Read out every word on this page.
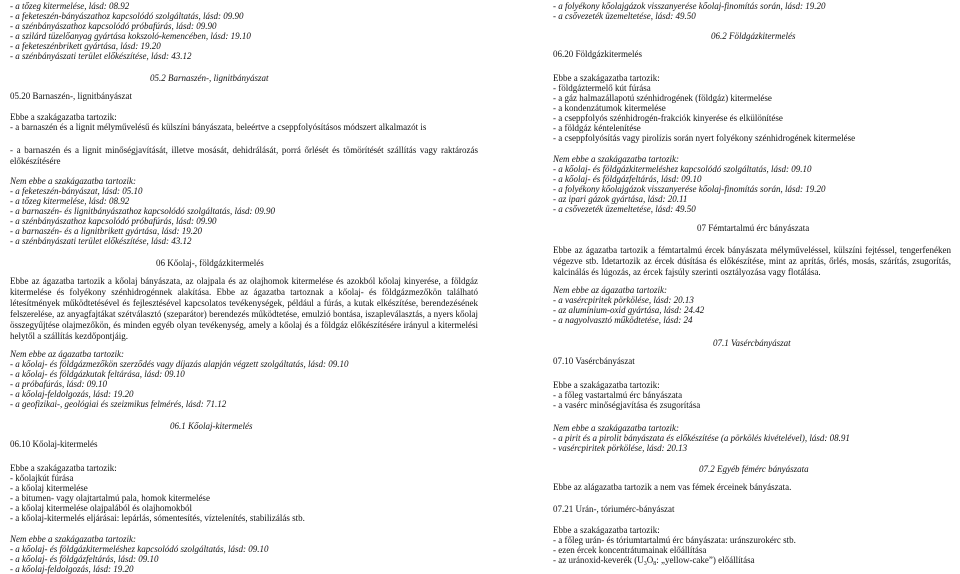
- a tőzeg kitermelése, lásd: 08.92
- a feketeszén-bányászathoz kapcsolódó szolgáltatás, lásd: 09.90
- a szénbányászathoz kapcsolódó próbafúrás, lásd: 09.90
- a szilárd tüzelőanyag gyártása kokszoló-kemencében, lásd: 19.10
- a feketeszénbrikett gyártása, lásd: 19.20
- a szénbányászati terület előkészítése, lásd: 43.12
05.2 Barnaszén-, lignitbányászat
05.20 Barnaszén-, lignitbányászat
Ebbe a szakágazatba tartozik:
- a barnaszén és a lignit mélyművelésű és külszíni bányászata, beleértve a cseppfolyósításos módszert alkalmazót is
- a barnaszén és a lignit minőségjavítását, illetve mosását, dehidrálását, porrá őrlését és tömörítését szállítás vagy raktározás előkészítésére
Nem ebbe a szakágazatba tartozik:
- a feketeszén-bányászat, lásd: 05.10
- a tőzeg kitermelése, lásd: 08.92
- a barnaszén- és lignitbányászathoz kapcsolódó szolgáltatás, lásd: 09.90
- a szénbányászathoz kapcsolódó próbafúrás, lásd: 09.90
- a barnaszén- és a lignitbrikett gyártása, lásd: 19.20
- a szénbányászati terület előkészítése, lásd: 43.12
06 Kőolaj-, földgázkitermelés
Ebbe az ágazatba tartozik a kőolaj bányászata, az olajpala és az olajhomok kitermelése és azokból kőolaj kinyerése, a földgáz kitermelése és folyékony szénhidrogénnek alakítása. Ebbe az ágazatba tartoznak a kőolaj- és földgázmezőkön található létesítmények működtetésével és fejlesztésével kapcsolatos tevékenységek, például a fúrás, a kutak elkészítése, berendezésének felszerelése, az anyagfajtákat szétválasztó (szeparátor) berendezés működtetése, emulzió bontása, iszapleválasztás, a nyers kőolaj összegyűjtése olajmezőkön, és minden egyéb olyan tevékenység, amely a kőolaj és a földgáz előkészítésére irányul a kitermelési helytől a szállítás kezdőpontjáig.
Nem ebbe az ágazatba tartozik:
- a kőolaj- és földgázmezőkön szerződés vagy díjazás alapján végzett szolgáltatás, lásd: 09.10
- a kőolaj- és földgázkutak feltárása, lásd: 09.10
- a próbafúrás, lásd: 09.10
- a kőolaj-feldolgozás, lásd: 19.20
- a geofizikai-, geológiai és szeizmikus felmérés, lásd: 71.12
06.1 Kőolaj-kitermelés
06.10 Kőolaj-kitermelés
Ebbe a szakágazatba tartozik:
- kőolajkút fúrása
- a kőolaj kitermelése
- a bitumen- vagy olajtartalmú pala, homok kitermelése
- a kőolaj kitermelése olajpalából és olajhomokból
- a kőolaj-kitermelés eljárásai: lepárlás, sómentesítés, víztelenítés, stabilizálás stb.
Nem ebbe a szakágazatba tartozik:
- a kőolaj- és földgázkitermeléshez kapcsolódó szolgáltatás, lásd: 09.10
- a kőolaj- és földgázfeltárás, lásd: 09.10
- a kőolaj-feldolgozás, lásd: 19.20
- a folyékony kőolajgázok visszanyerése kőolaj-finomítás során, lásd: 19.20
- a csővezeték üzemeltetése, lásd: 49.50
06.2 Földgázkitermelés
06.20 Földgázkitermelés
Ebbe a szakágazatba tartozik:
- földgáztermelő kút fúrása
- a gáz halmazállapotú szénhidrogének (földgáz) kitermelése
- a kondenzátumok kitermelése
- a cseppfolyós szénhidrogén-frakciók kinyerése és elkülönítése
- a földgáz kéntelenítése
- a cseppfolyósítás vagy pirolízis során nyert folyékony szénhidrogének kitermelése
Nem ebbe a szakágazatba tartozik:
- a kőolaj- és földgázkitermeléshez kapcsolódó szolgáltatás, lásd: 09.10
- a kőolaj- és földgázfeltárás, lásd: 09.10
- a folyékony kőolajgázok visszanyerése kőolaj-finomítás során, lásd: 19.20
- az ipari gázok gyártása, lásd: 20.11
- a csővezeték üzemeltetése, lásd: 49.50
07 Fémtartalmú érc bányászata
Ebbe az ágazatba tartozik a fémtartalmú ércek bányászata mélyműveléssel, külszíni fejtéssel, tengerfenéken végezve stb. Idetartozik az ércek dúsítása és előkészítése, mint az aprítás, őrlés, mosás, szárítás, zsugorítás, kalcinálás és lúgozás, az ércek fajsúly szerinti osztályozása vagy flotálása.
Nem ebbe az ágazatba tartozik:
- a vasércpiritek pörkölése, lásd: 20.13
- az alumínium-oxid gyártása, lásd: 24.42
- a nagyolvasztó működtetése, lásd: 24
07.1 Vasércbányászat
07.10 Vasércbányászat
Ebbe a szakágazatba tartozik:
- a főleg vastartalmú érc bányászata
- a vasérc minőségjavítása és zsugorítása
Nem ebbe a szakágazatba tartozik:
- a pirit és a pirolit bányászata és előkészítése (a pörkölés kivételével), lásd: 08.91
- vasércpiritek pörkölése, lásd: 20.13
07.2 Egyéb fémérc bányászata
Ebbe az alágazatba tartozik a nem vas fémek érceinek bányászata.
07.21 Urán-, tóriumérc-bányászat
Ebbe a szakágazatba tartozik:
- a főleg urán- és tóriumtartalmú érc bányászata: uránszurokérc stb.
- ezen ércek koncentrátumainak előállítása
- az uránoxid-keverék ($U_3O_8$: „yellow-cake”) előállítása
